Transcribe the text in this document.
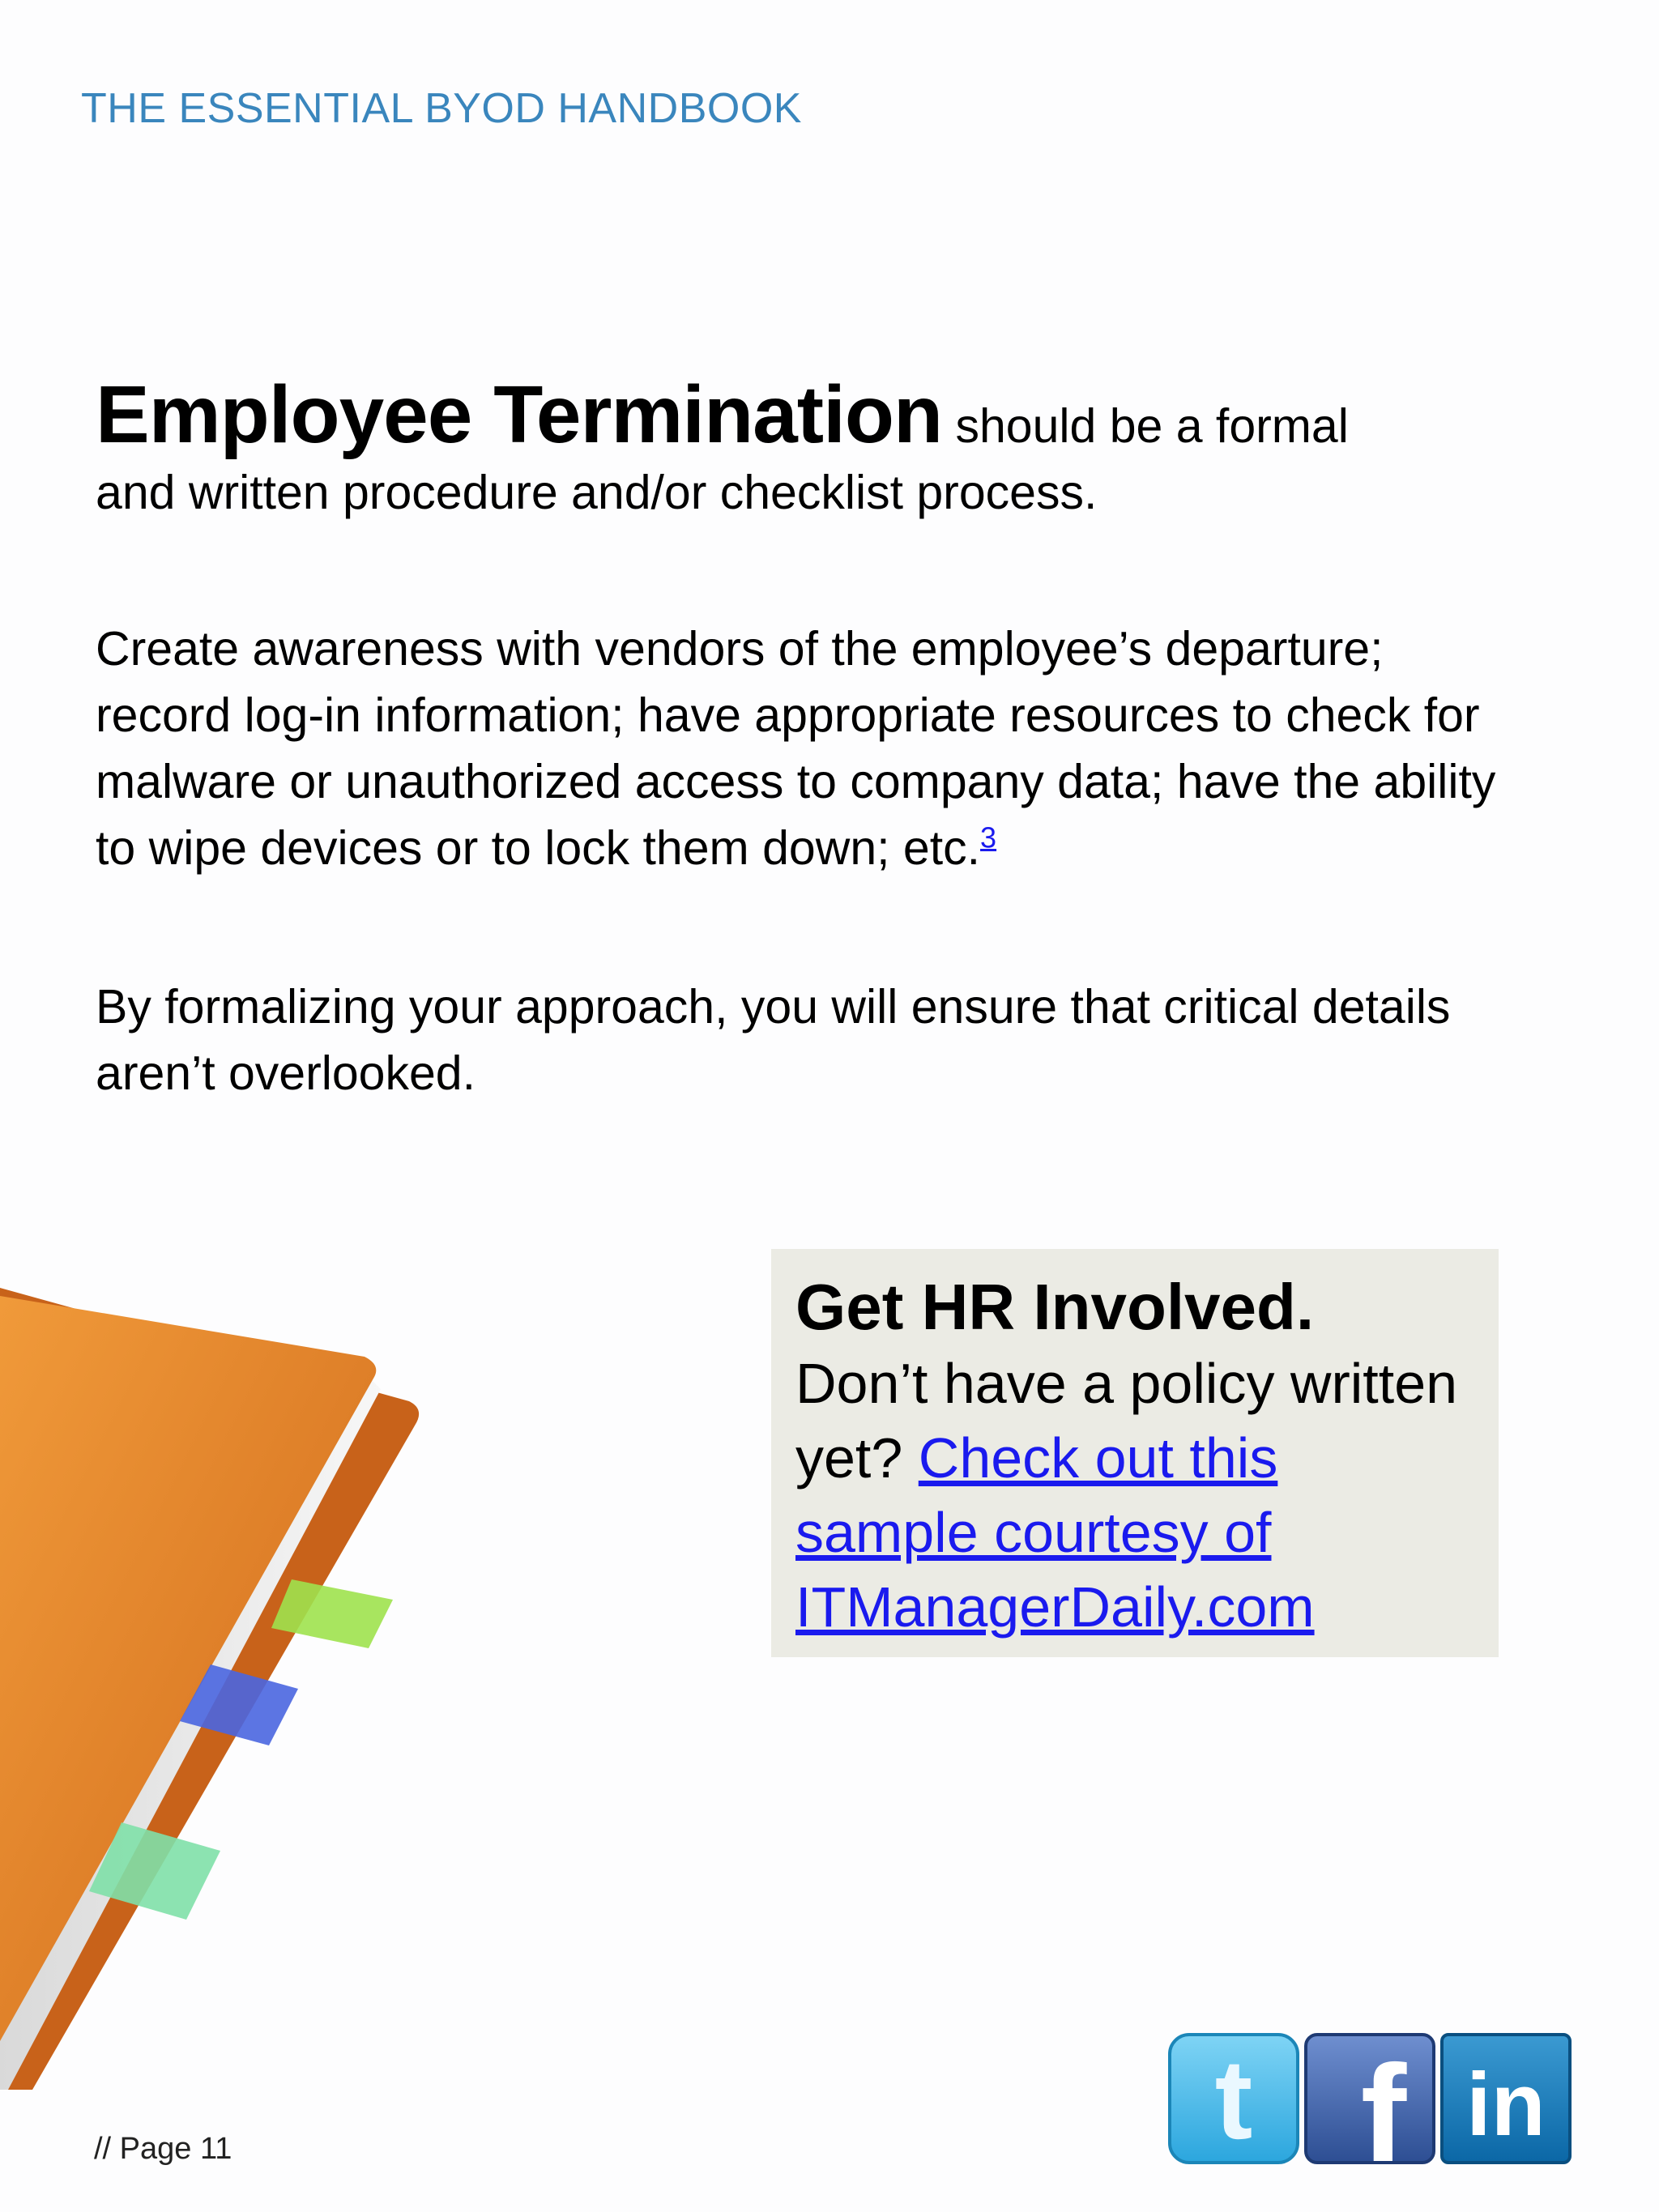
THE ESSENTIAL BYOD HANDBOOK
Employee Termination should be a formal
and written procedure and/or checklist process.
Create awareness with vendors of the employee’s departure; record log-in information; have appropriate resources to check for malware or unauthorized access to company data; have the ability to wipe devices or to lock them down; etc.$^3$
By formalizing your approach, you will ensure that critical details aren’t overlooked.
Get HR Involved.
Don’t have a policy written yet? Check out this sample courtesy of ITManagerDaily.com
// Page 11	t f in
